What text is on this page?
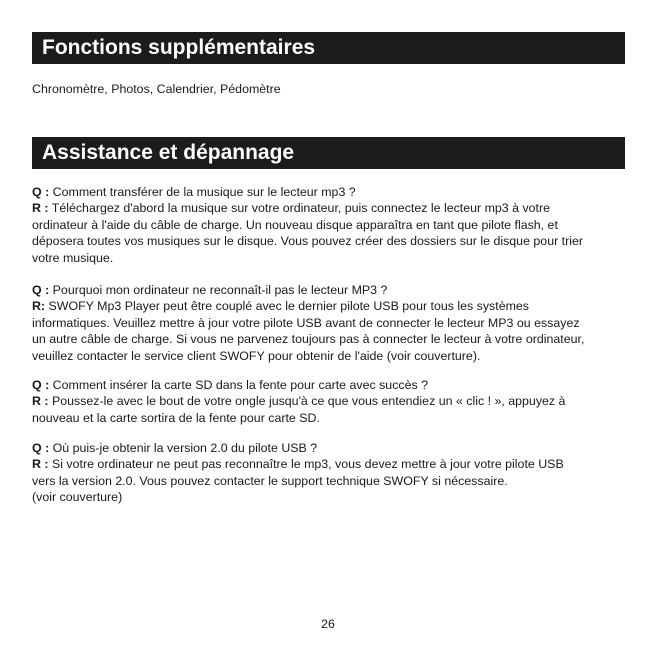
Fonctions supplémentaires

Chronomètre, Photos, Calendrier, Pédomètre

Assistance et dépannage
Q : Comment transférer de la musique sur le lecteur mp3 ?
R : Téléchargez d'abord la musique sur votre ordinateur, puis connectez le lecteur mp3 à votre
ordinateur à l'aide du câble de charge. Un nouveau disque apparaîtra en tant que pilote flash, et
déposera toutes vos musiques sur le disque. Vous pouvez créer des dossiers sur le disque pour trier
votre musique.
Q : Pourquoi mon ordinateur ne reconnaît-il pas le lecteur MP3 ?
R: SWOFY Mp3 Player peut être couplé avec le dernier pilote USB pour tous les systèmes
informatiques. Veuillez mettre à jour votre pilote USB avant de connecter le lecteur MP3 ou essayez
un autre câble de charge. Si vous ne parvenez toujours pas à connecter le lecteur à votre ordinateur,
veuillez contacter le service client SWOFY pour obtenir de l'aide (voir couverture).
Q : Comment insérer la carte SD dans la fente pour carte avec succès ?
R : Poussez-le avec le bout de votre ongle jusqu'à ce que vous entendiez un « clic ! », appuyez à
nouveau et la carte sortira de la fente pour carte SD.
Q : Où puis-je obtenir la version 2.0 du pilote USB ?
R : Si votre ordinateur ne peut pas reconnaître le mp3, vous devez mettre à jour votre pilote USB
vers la version 2.0. Vous pouvez contacter le support technique SWOFY si nécessaire.
(voir couverture)
26
